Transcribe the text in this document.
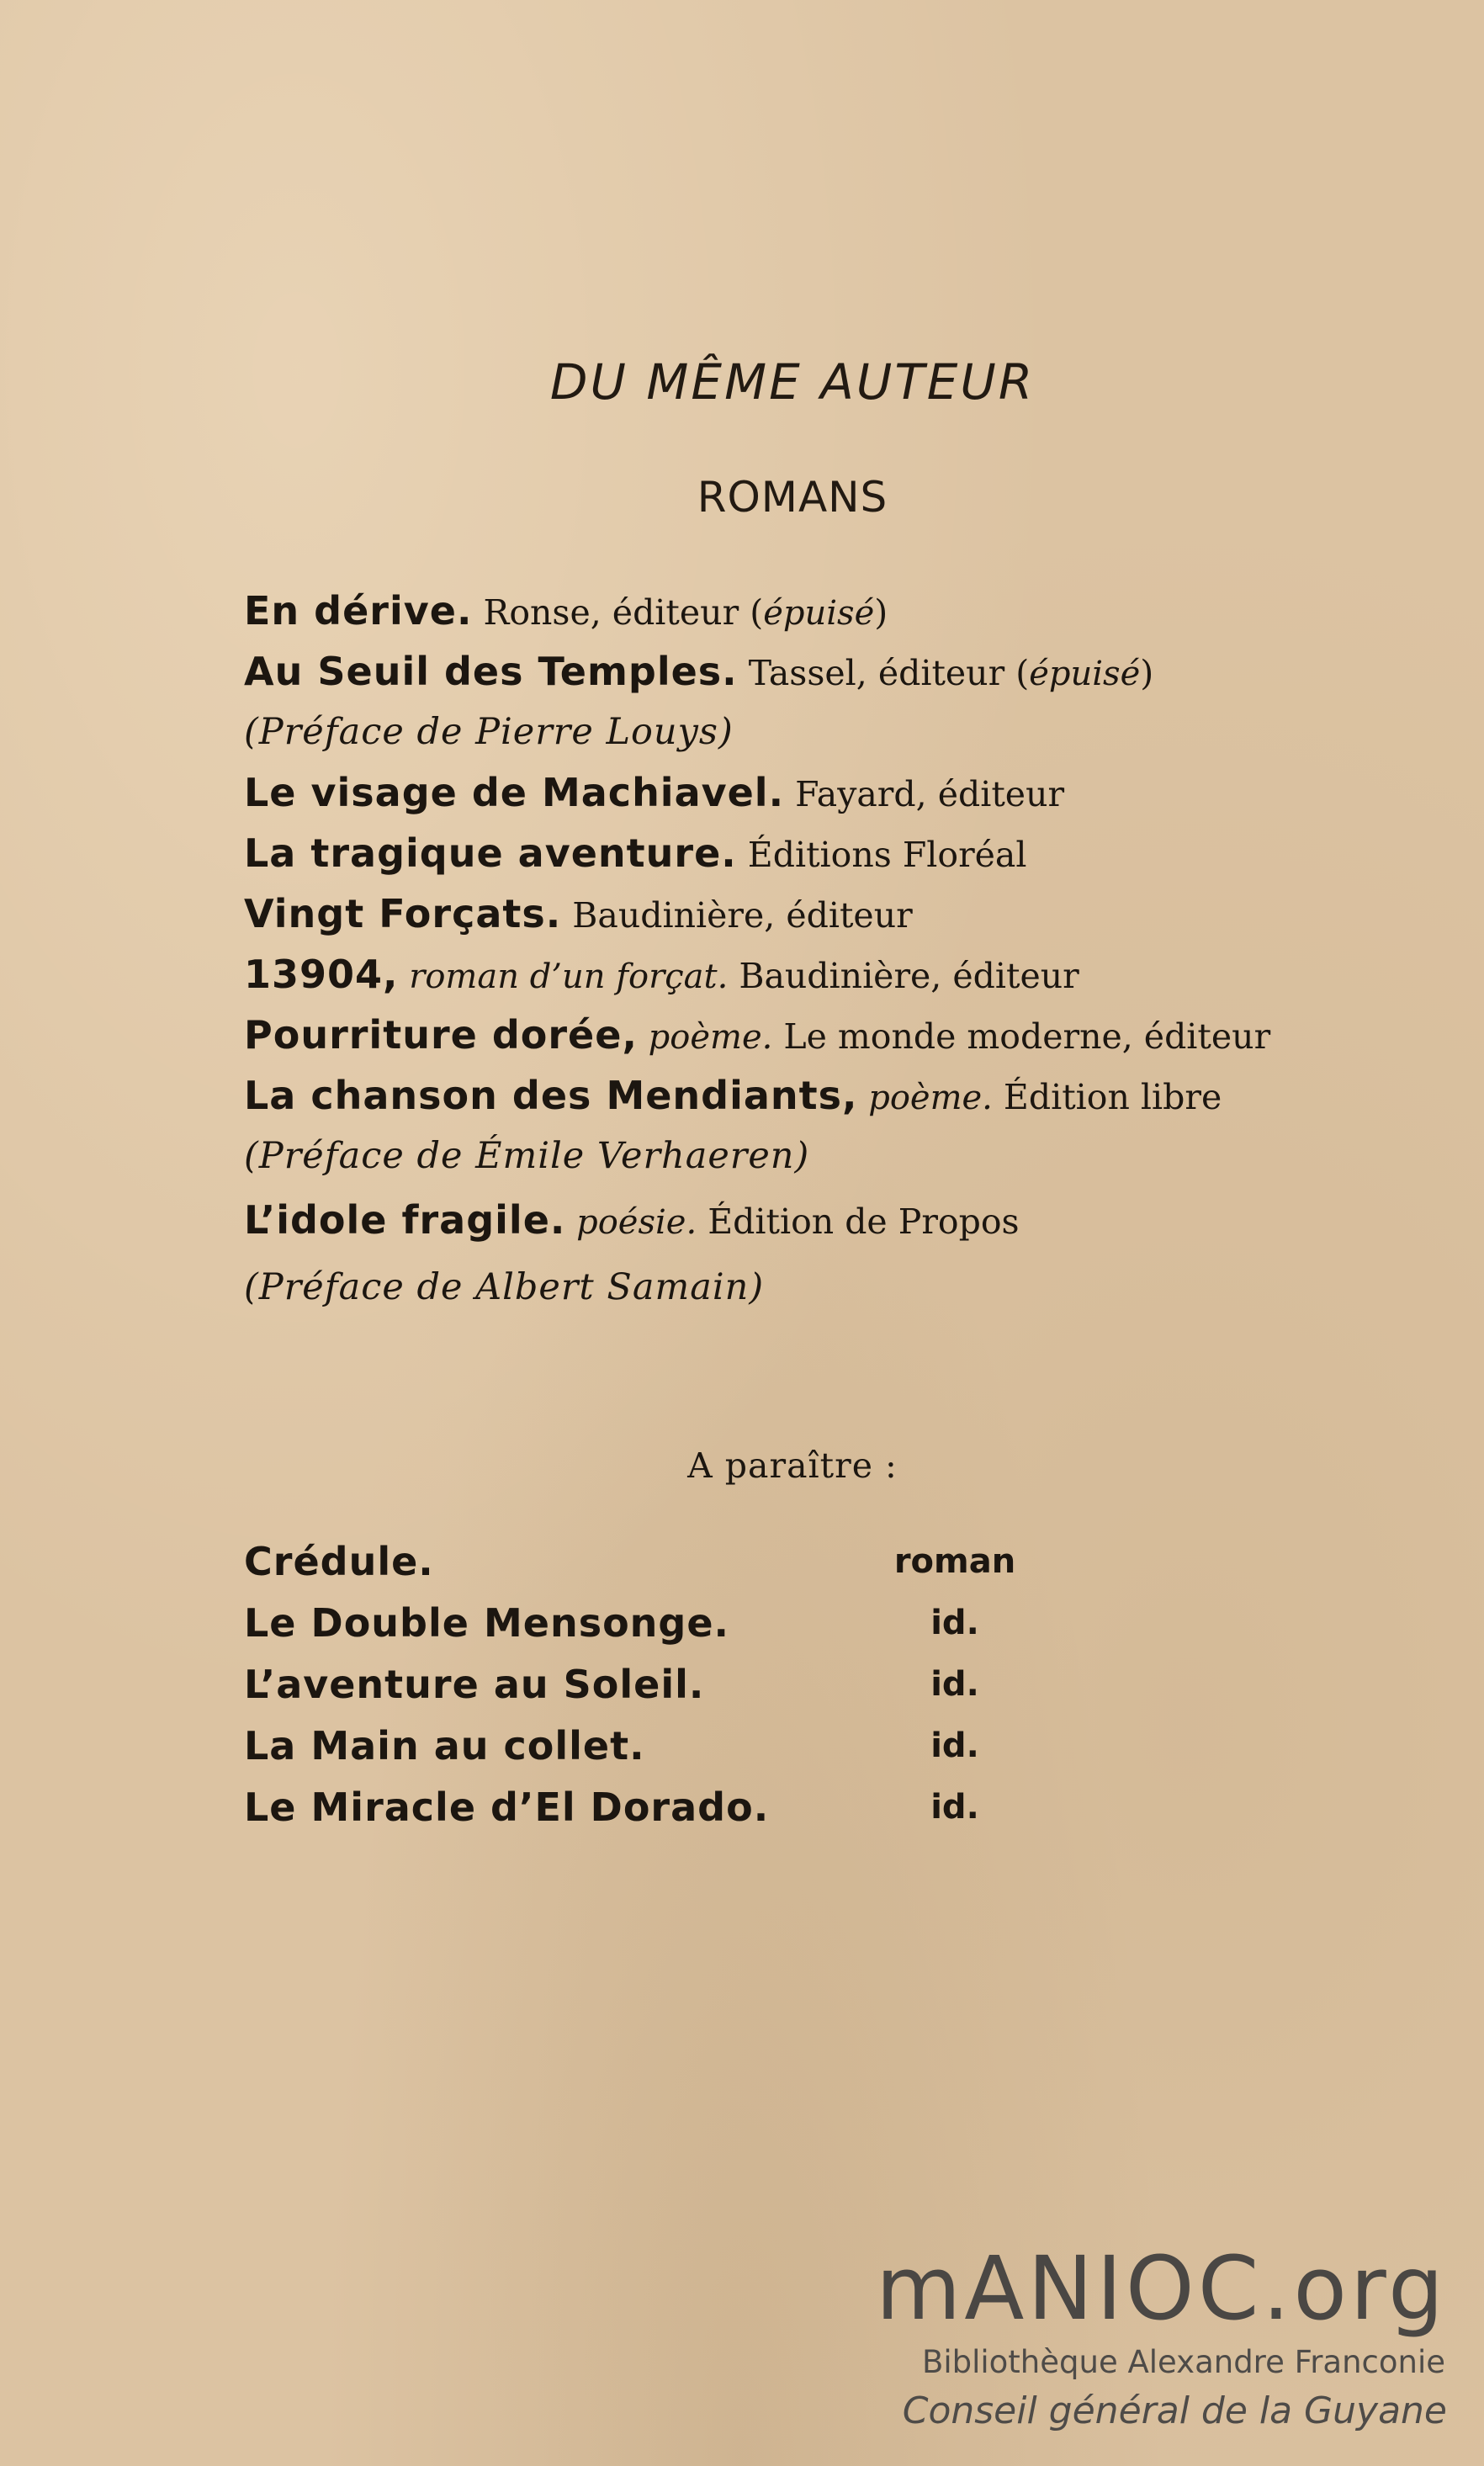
DU MÊME AUTEUR
ROMANS
En dérive. Ronse, éditeur (épuisé)
Au Seuil des Temples. Tassel, éditeur (épuisé)
(Préface de Pierre Louys)
Le visage de Machiavel. Fayard, éditeur
La tragique aventure. Éditions Floréal
Vingt Forçats. Baudinière, éditeur
13904, roman d’un forçat. Baudinière, éditeur
Pourriture dorée, poème. Le monde moderne, éditeur
La chanson des Mendiants, poème. Édition libre
(Préface de Émile Verhaeren)
L’idole fragile. poésie. Édition de Propos
(Préface de Albert Samain)
A paraître :
Crédule.	roman
Le Double Mensonge.	id.
L’aventure au Soleil.	id.
La Main au collet.	id.
Le Miracle d’El Dorado.	id.
mANIOC.org
Bibliothèque Alexandre Franconie
Conseil général de la Guyane
